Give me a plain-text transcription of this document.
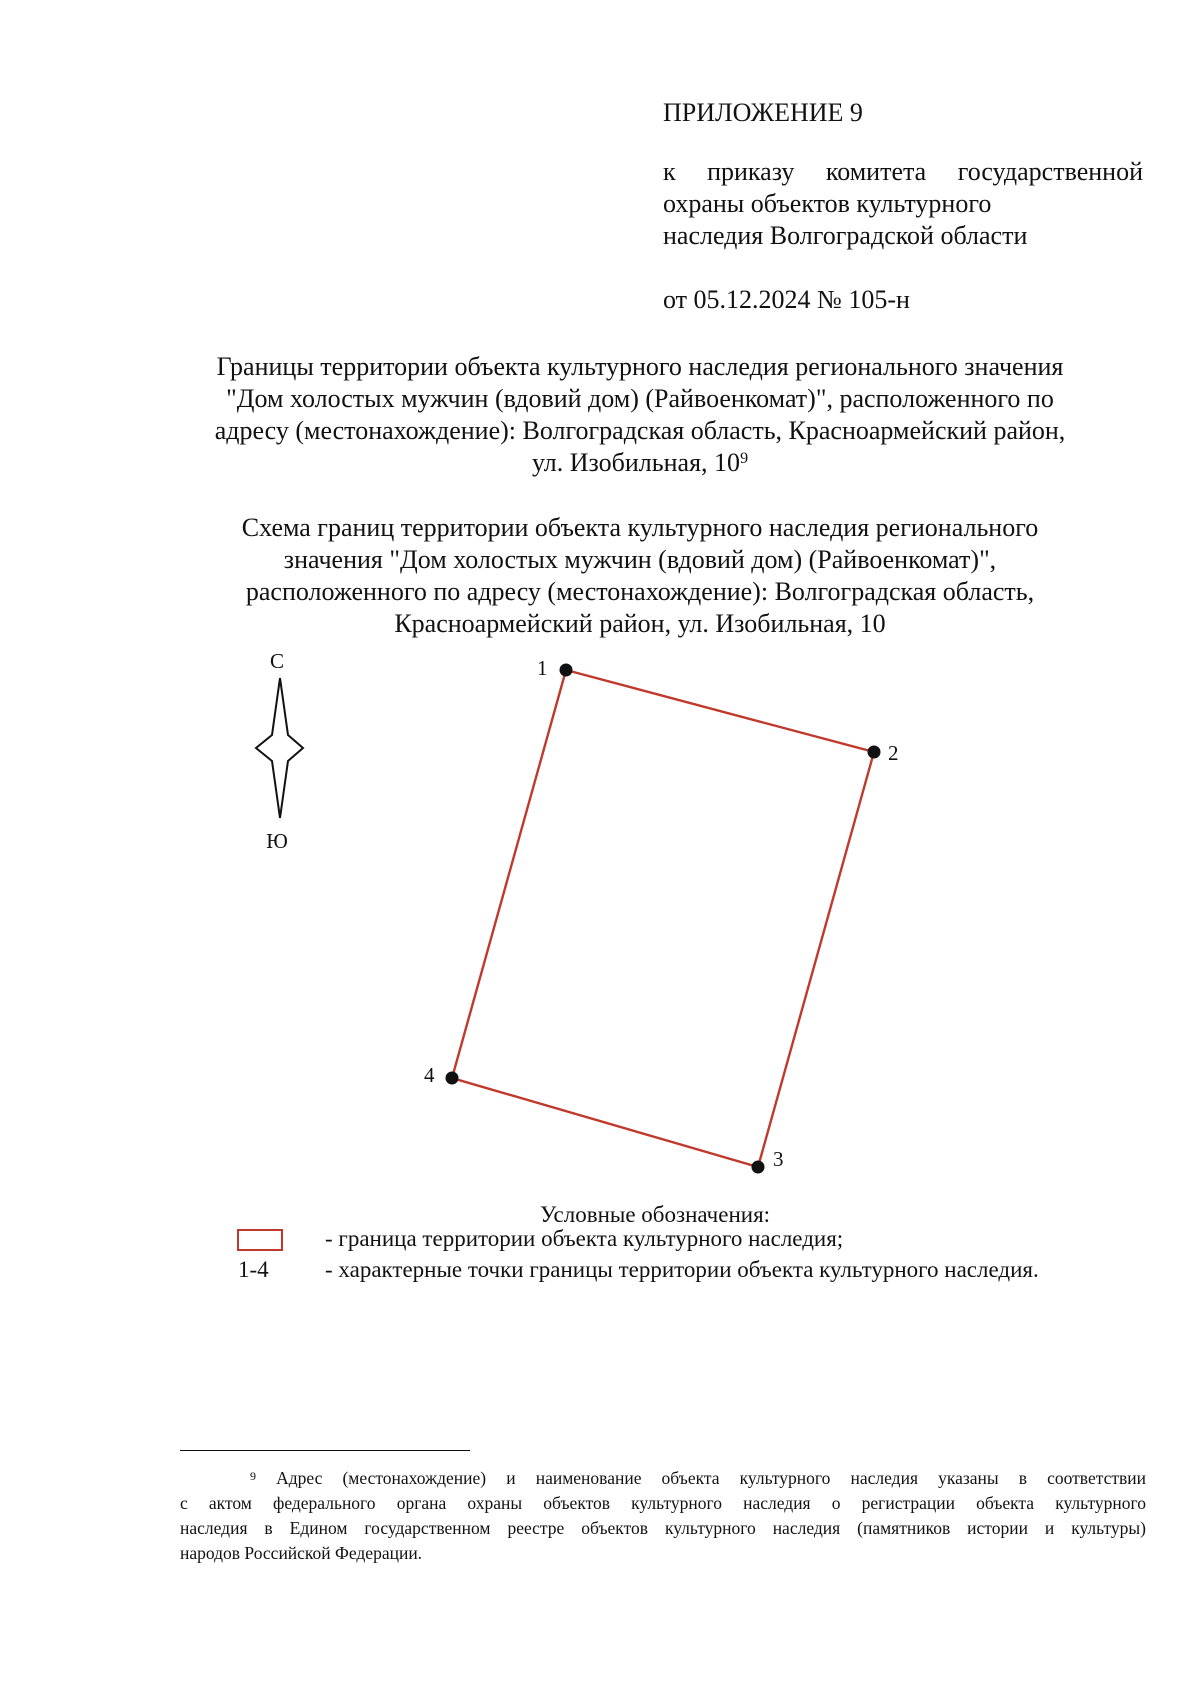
ПРИЛОЖЕНИЕ 9
к приказу комитета государственной
охраны объектов культурного
наследия Волгоградской области
от 05.12.2024 № 105-н
Границы территории объекта культурного наследия регионального значения
"Дом холостых мужчин (вдовий дом) (Райвоенкомат)", расположенного по
адресу (местонахождение): Волгоградская область, Красноармейский район,
ул. Изобильная, 10$^9$
Схема границ территории объекта культурного наследия регионального
значения "Дом холостых мужчин (вдовий дом) (Райвоенкомат)",
расположенного по адресу (местонахождение): Волгоградская область,
Красноармейский район, ул. Изобильная, 10
С
Ю
1
2
3
4
Условные обозначения:
- граница территории объекта культурного наследия;
1-4 - характерные точки границы территории объекта культурного наследия.
$^9$ Адрес (местонахождение) и наименование объекта культурного наследия указаны в соответствии
с актом федерального органа охраны объектов культурного наследия о регистрации объекта культурного
наследия в Едином государственном реестре объектов культурного наследия (памятников истории и культуры)
народов Российской Федерации.
